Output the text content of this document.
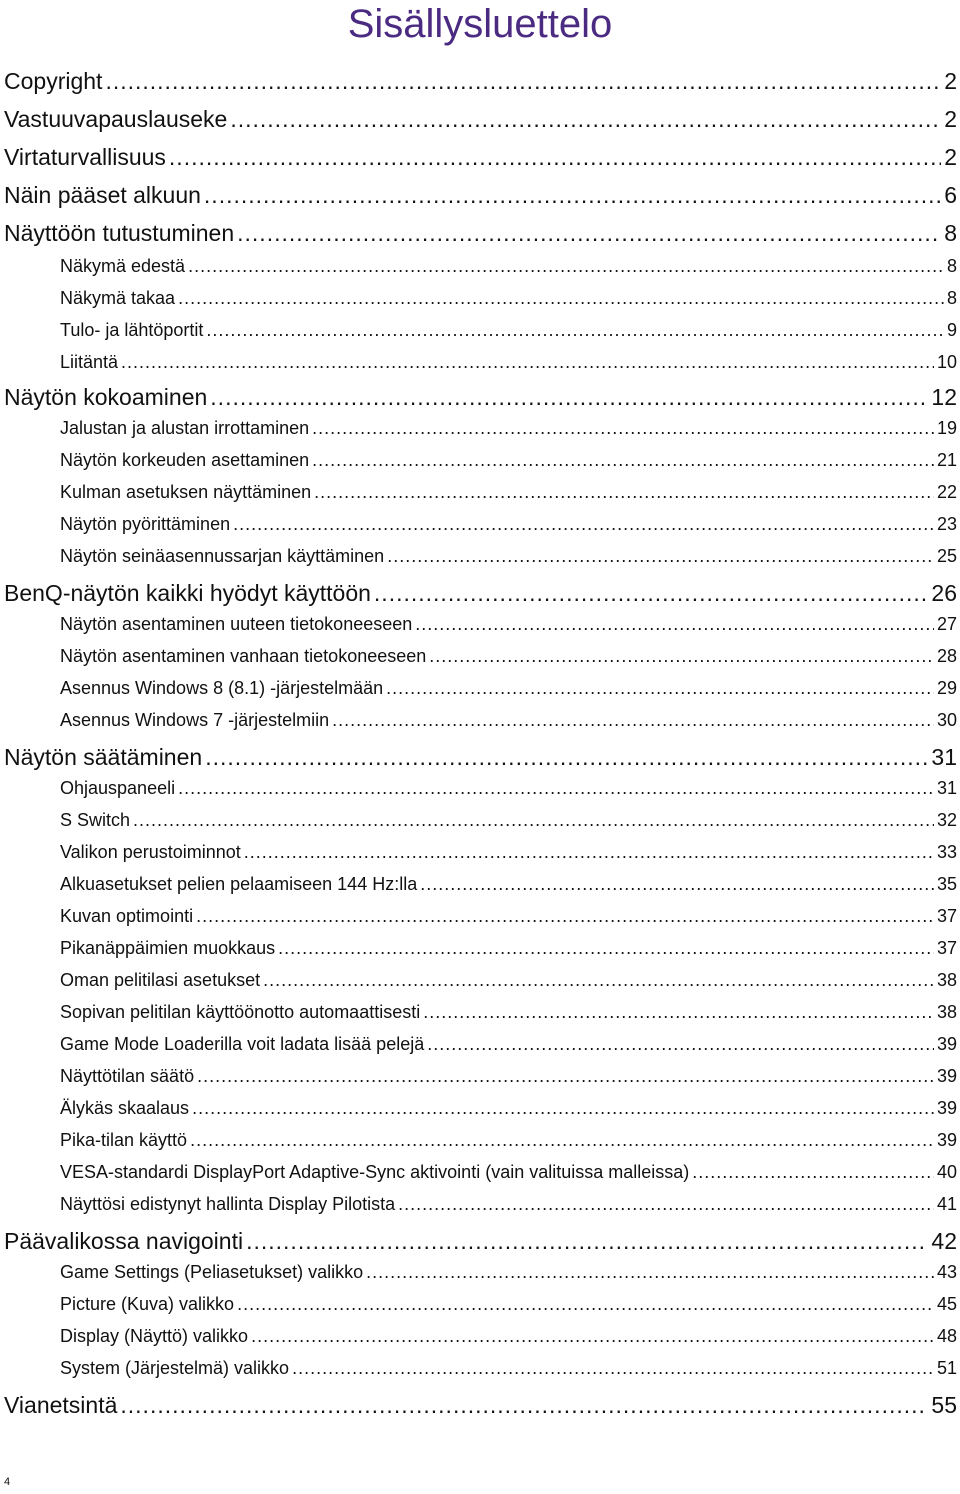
Sisällysluettelo
Copyright .....	2
Vastuuvapauslauseke .....	2
Virtaturvallisuus .....	2
Näin pääset alkuun .....	6
Näyttöön tutustuminen .....	8
Näkymä edestä .....	8
Näkymä takaa .....	8
Tulo- ja lähtöportit .....	9
Liitäntä .....	10
Näytön kokoaminen .....	12
Jalustan ja alustan irrottaminen .....	19
Näytön korkeuden asettaminen .....	21
Kulman asetuksen näyttäminen .....	22
Näytön pyörittäminen .....	23
Näytön seinäasennussarjan käyttäminen .....	25
BenQ-näytön kaikki hyödyt käyttöön .....	26
Näytön asentaminen uuteen tietokoneeseen .....	27
Näytön asentaminen vanhaan tietokoneeseen .....	28
Asennus Windows 8 (8.1) -järjestelmään .....	29
Asennus Windows 7 -järjestelmiin .....	30
Näytön säätäminen .....	31
Ohjauspaneeli .....	31
S Switch .....	32
Valikon perustoiminnot .....	33
Alkuasetukset pelien pelaamiseen 144 Hz:lla .....	35
Kuvan optimointi .....	37
Pikanäppäimien muokkaus .....	37
Oman pelitilasi asetukset .....	38
Sopivan pelitilan käyttöönotto automaattisesti .....	38
Game Mode Loaderilla voit ladata lisää pelejä .....	39
Näyttötilan säätö .....	39
Älykäs skaalaus .....	39
Pika-tilan käyttö .....	39
VESA-standardi DisplayPort Adaptive-Sync aktivointi (vain valituissa malleissa) .....	40
Näyttösi edistynyt hallinta Display Pilotista .....	41
Päävalikossa navigointi .....	42
Game Settings (Peliasetukset) valikko .....	43
Picture (Kuva) valikko .....	45
Display (Näyttö) valikko .....	48
System (Järjestelmä) valikko .....	51
Vianetsintä .....	55
4
